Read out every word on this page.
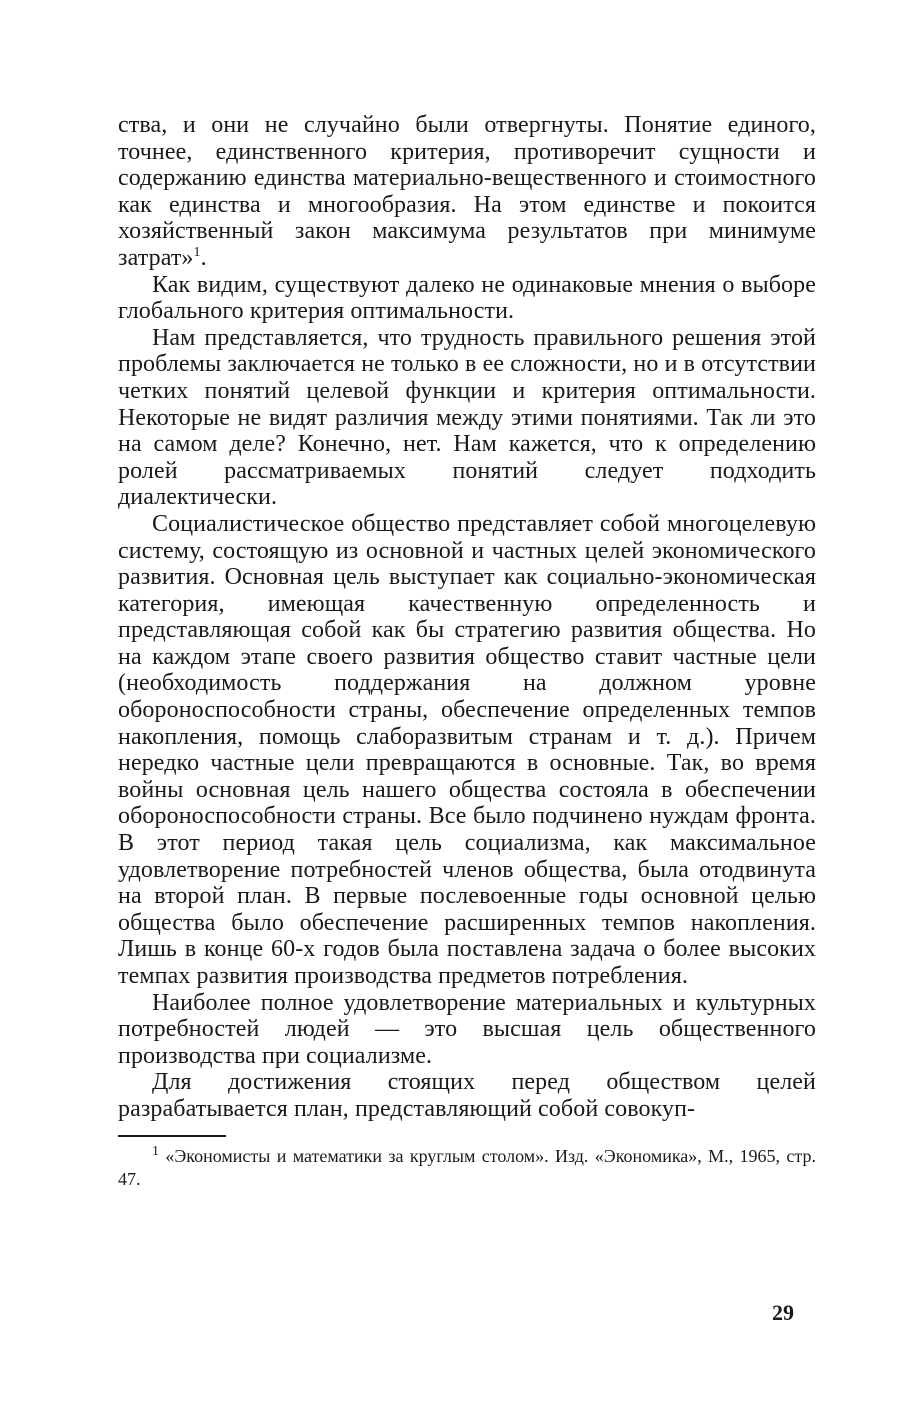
ства, и они не случайно были отвергнуты. Понятие единого, точнее, единственного критерия, противоречит сущности и содержанию единства материально-вещественного и стоимостного как единства и многообразия. На этом единстве и покоится хозяйственный закон максимума результатов при минимуме затрат»$^1$.

Как видим, существуют далеко не одинаковые мнения о выборе глобального критерия оптимальности.

Нам представляется, что трудность правильного решения этой проблемы заключается не только в ее сложности, но и в отсутствии четких понятий целевой функции и критерия оптимальности. Некоторые не видят различия между этими понятиями. Так ли это на самом деле? Конечно, нет. Нам кажется, что к определению ролей рассматриваемых понятий следует подходить диалектически.

Социалистическое общество представляет собой многоцелевую систему, состоящую из основной и частных целей экономического развития. Основная цель выступает как социально-экономическая категория, имеющая качественную определенность и представляющая собой как бы стратегию развития общества. Но на каждом этапе своего развития общество ставит частные цели (необходимость поддержания на должном уровне обороноспособности страны, обеспечение определенных темпов накопления, помощь слаборазвитым странам и т. д.). Причем нередко частные цели превращаются в основные. Так, во время войны основная цель нашего общества состояла в обеспечении обороноспособности страны. Все было подчинено нуждам фронта. В этот период такая цель социализма, как максимальное удовлетворение потребностей членов общества, была отодвинута на второй план. В первые послевоенные годы основной целью общества было обеспечение расширенных темпов накопления. Лишь в конце 60-х годов была поставлена задача о более высоких темпах развития производства предметов потребления.

Наиболее полное удовлетворение материальных и культурных потребностей людей — это высшая цель общественного производства при социализме.

Для достижения стоящих перед обществом целей разрабатывается план, представляющий собой совокуп-

$^1$ «Экономисты и математики за круглым столом». Изд. «Экономика», М., 1965, стр. 47.

29
